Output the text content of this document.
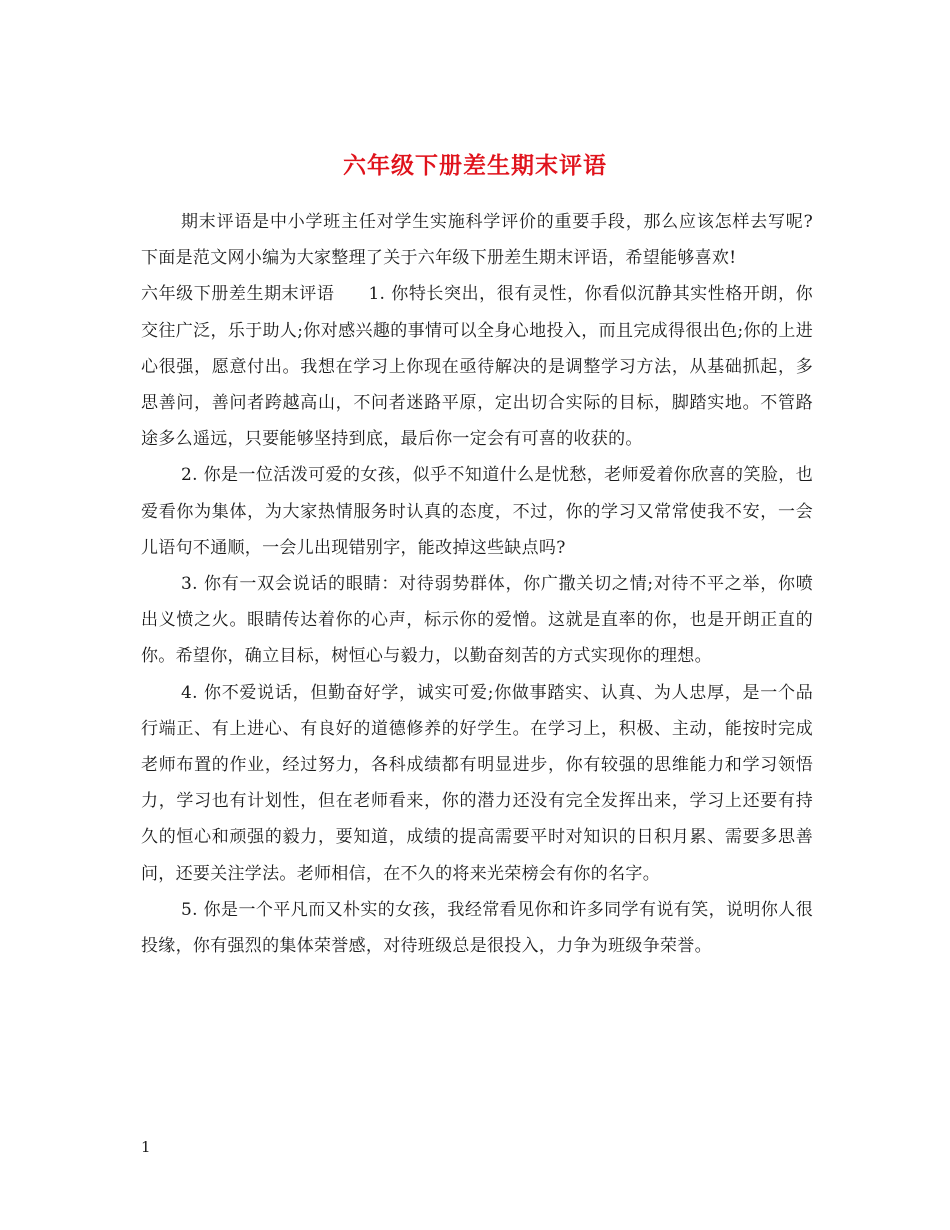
六年级下册差生期末评语

期末评语是中小学班主任对学生实施科学评价的重要手段，那么应该怎样去写呢?下面是范文网小编为大家整理了关于六年级下册差生期末评语，希望能够喜欢!

六年级下册差生期末评语 1. 你特长突出，很有灵性，你看似沉静其实性格开朗，你交往广泛，乐于助人;你对感兴趣的事情可以全身心地投入，而且完成得很出色;你的上进心很强，愿意付出。我想在学习上你现在亟待解决的是调整学习方法，从基础抓起，多思善问，善问者跨越高山，不问者迷路平原，定出切合实际的目标，脚踏实地。不管路途多么遥远，只要能够坚持到底，最后你一定会有可喜的收获的。

2. 你是一位活泼可爱的女孩，似乎不知道什么是忧愁，老师爱着你欣喜的笑脸，也爱看你为集体，为大家热情服务时认真的态度，不过，你的学习又常常使我不安，一会儿语句不通顺，一会儿出现错别字，能改掉这些缺点吗?

3. 你有一双会说话的眼睛：对待弱势群体，你广撒关切之情;对待不平之举，你喷出义愤之火。眼睛传达着你的心声，标示你的爱憎。这就是直率的你，也是开朗正直的你。希望你，确立目标，树恒心与毅力，以勤奋刻苦的方式实现你的理想。

4. 你不爱说话，但勤奋好学，诚实可爱;你做事踏实、认真、为人忠厚，是一个品行端正、有上进心、有良好的道德修养的好学生。在学习上，积极、主动，能按时完成老师布置的作业，经过努力，各科成绩都有明显进步，你有较强的思维能力和学习领悟力，学习也有计划性，但在老师看来，你的潜力还没有完全发挥出来，学习上还要有持久的恒心和顽强的毅力，要知道，成绩的提高需要平时对知识的日积月累、需要多思善问，还要关注学法。老师相信，在不久的将来光荣榜会有你的名字。

5. 你是一个平凡而又朴实的女孩，我经常看见你和许多同学有说有笑，说明你人很投缘，你有强烈的集体荣誉感，对待班级总是很投入，力争为班级争荣誉。

1
